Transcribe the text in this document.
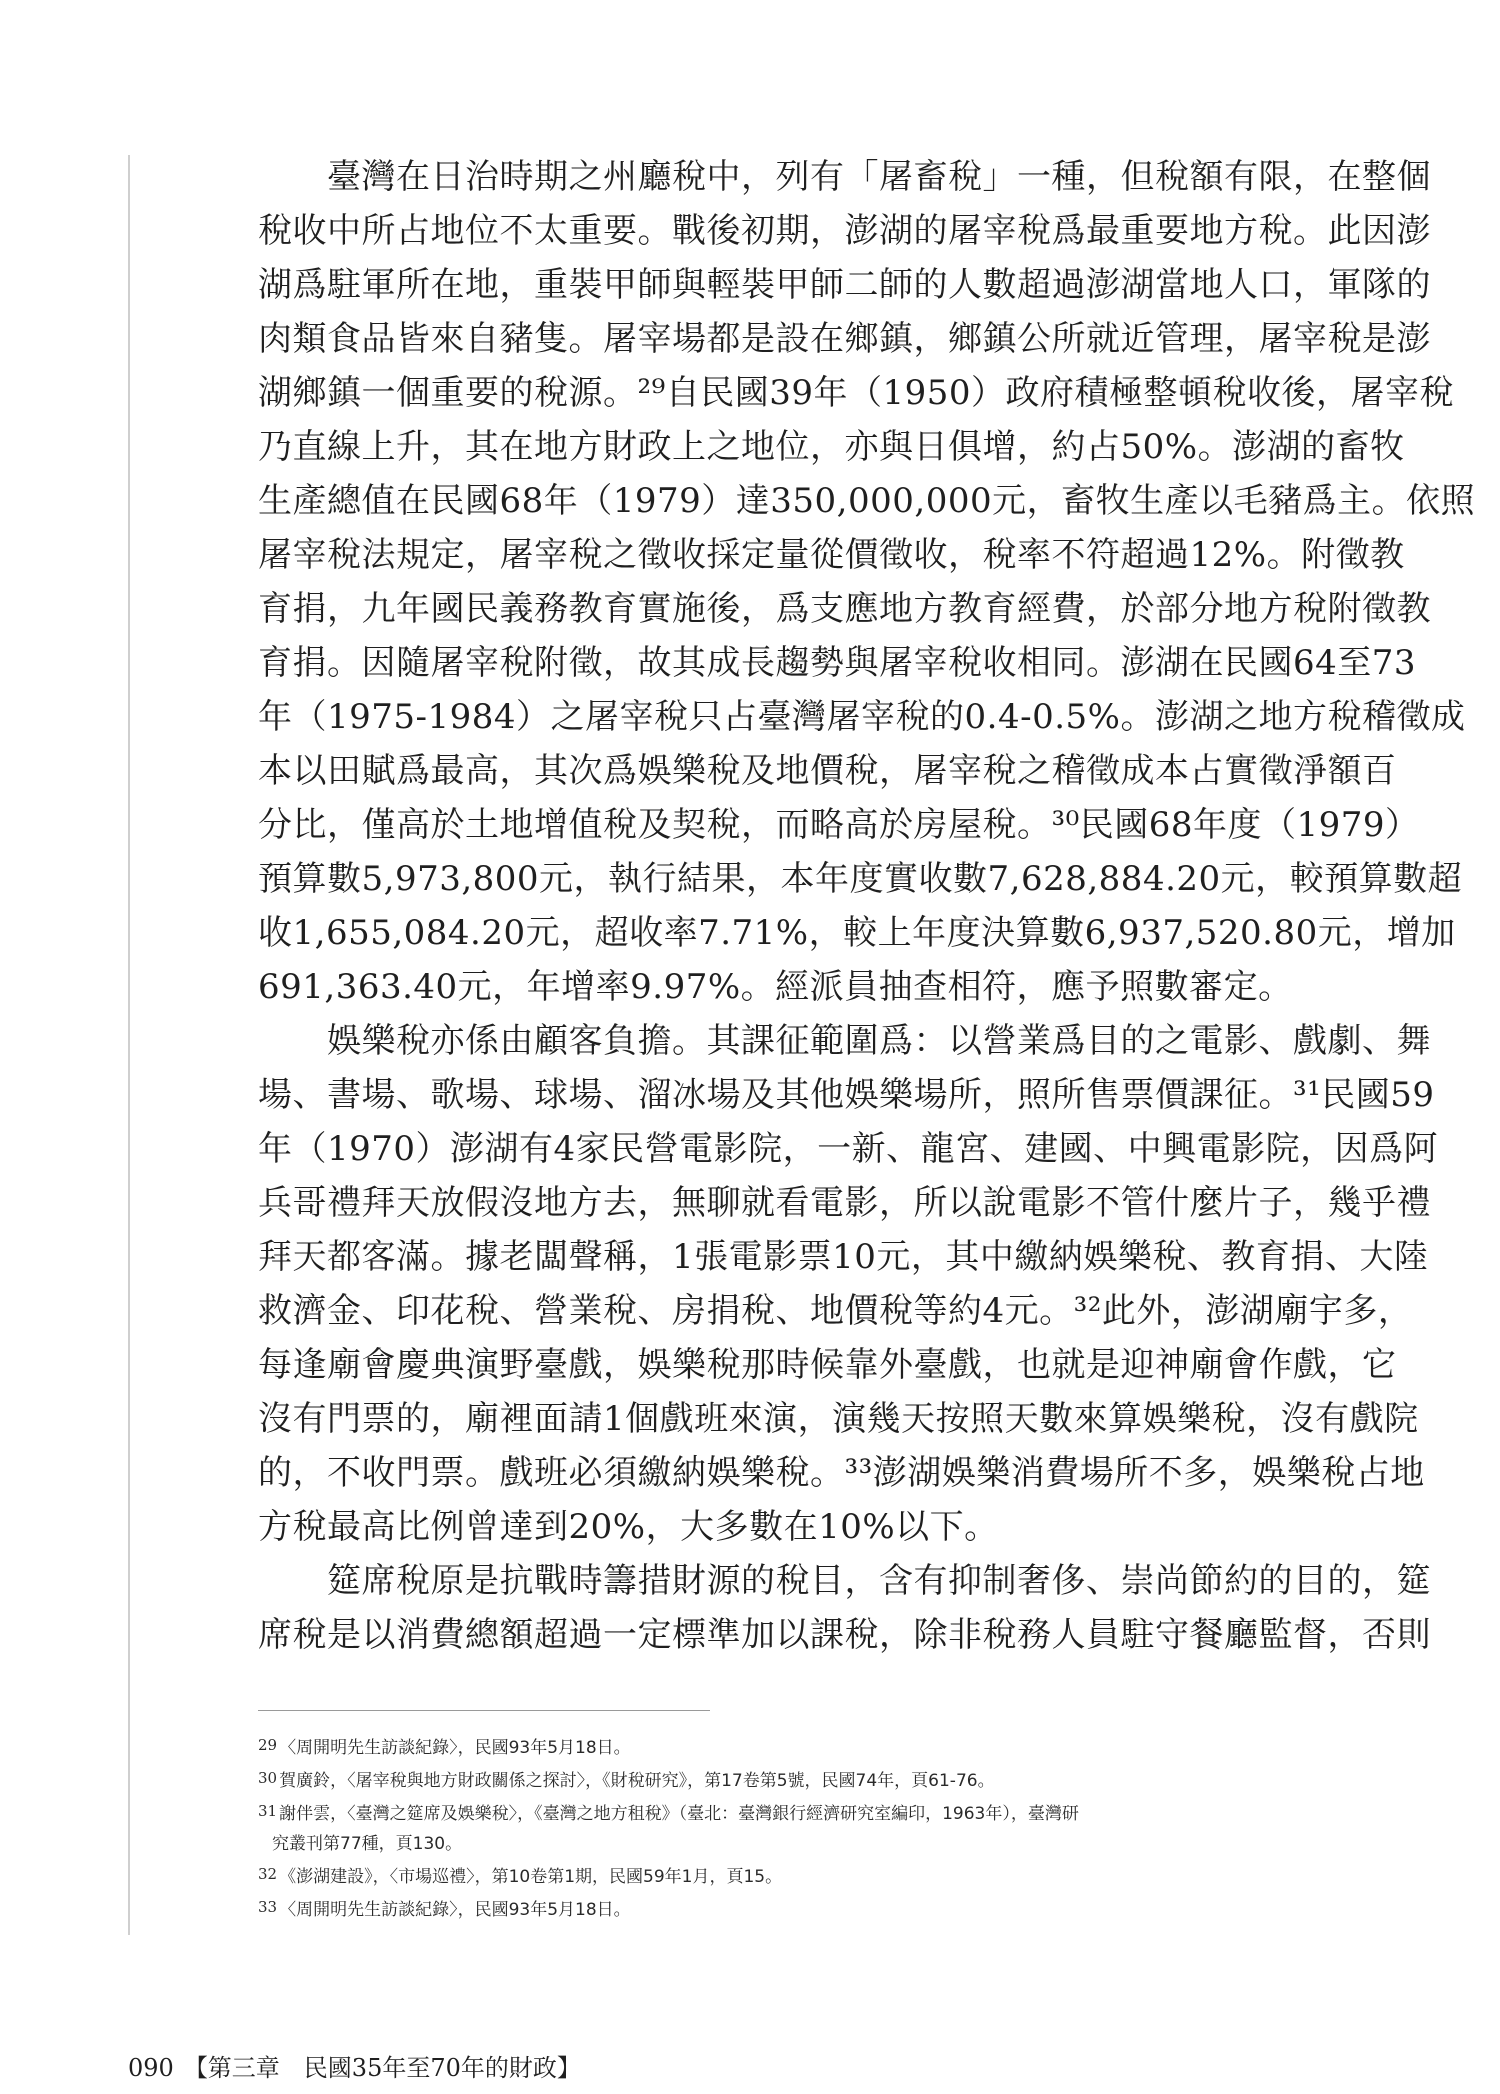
　　臺灣在日治時期之州廳稅中，列有「屠畜稅」一種，但稅額有限，在整個
稅收中所占地位不太重要。戰後初期，澎湖的屠宰稅爲最重要地方稅。此因澎
湖爲駐軍所在地，重裝甲師與輕裝甲師二師的人數超過澎湖當地人口，軍隊的
肉類食品皆來自豬隻。屠宰場都是設在鄉鎮，鄉鎮公所就近管理，屠宰稅是澎
湖鄉鎮一個重要的稅源。²⁹自民國39年（1950）政府積極整頓稅收後，屠宰稅
乃直線上升，其在地方財政上之地位，亦與日俱增，約占50%。澎湖的畜牧
生產總值在民國68年（1979）達350,000,000元，畜牧生產以毛豬爲主。依照
屠宰稅法規定，屠宰稅之徵收採定量從價徵收，稅率不符超過12%。附徵教
育捐，九年國民義務教育實施後，爲支應地方教育經費，於部分地方稅附徵教
育捐。因隨屠宰稅附徵，故其成長趨勢與屠宰稅收相同。澎湖在民國64至73
年（1975-1984）之屠宰稅只占臺灣屠宰稅的0.4-0.5%。澎湖之地方稅稽徵成
本以田賦爲最高，其次爲娛樂稅及地價稅，屠宰稅之稽徵成本占實徵淨額百
分比，僅高於土地增值稅及契稅，而略高於房屋稅。³⁰民國68年度（1979）
預算數5,973,800元，執行結果，本年度實收數7,628,884.20元，較預算數超
收1,655,084.20元，超收率7.71%，較上年度決算數6,937,520.80元，增加
691,363.40元，年增率9.97%。經派員抽查相符，應予照數審定。
　　娛樂稅亦係由顧客負擔。其課征範圍爲：以營業爲目的之電影、戲劇、舞
場、書場、歌場、球場、溜冰場及其他娛樂場所，照所售票價課征。³¹民國59
年（1970）澎湖有4家民營電影院，一新、龍宮、建國、中興電影院，因爲阿
兵哥禮拜天放假沒地方去，無聊就看電影，所以說電影不管什麼片子，幾乎禮
拜天都客滿。據老闆聲稱，1張電影票10元，其中繳納娛樂稅、教育捐、大陸
救濟金、印花稅、營業稅、房捐稅、地價稅等約4元。³²此外，澎湖廟宇多，
每逢廟會慶典演野臺戲，娛樂稅那時候靠外臺戲，也就是迎神廟會作戲，它
沒有門票的，廟裡面請1個戲班來演，演幾天按照天數來算娛樂稅，沒有戲院
的，不收門票。戲班必須繳納娛樂稅。³³澎湖娛樂消費場所不多，娛樂稅占地
方稅最高比例曾達到20%，大多數在10%以下。
　　筵席稅原是抗戰時籌措財源的稅目，含有抑制奢侈、崇尚節約的目的，筵
席稅是以消費總額超過一定標準加以課稅，除非稅務人員駐守餐廳監督，否則
29 〈周開明先生訪談紀錄〉，民國93年5月18日。
30 賀廣鈴，〈屠宰稅與地方財政關係之探討〉，《財稅研究》，第17卷第5號，民國74年，頁61-76。
31 謝伴雲，〈臺灣之筵席及娛樂稅〉，《臺灣之地方租稅》（臺北：臺灣銀行經濟研究室編印，1963年），臺灣研
究叢刊第77種，頁130。
32 《澎湖建設》，〈市場巡禮〉，第10卷第1期，民國59年1月，頁15。
33 〈周開明先生訪談紀錄〉，民國93年5月18日。
090 【第三章　民國35年至70年的財政】
